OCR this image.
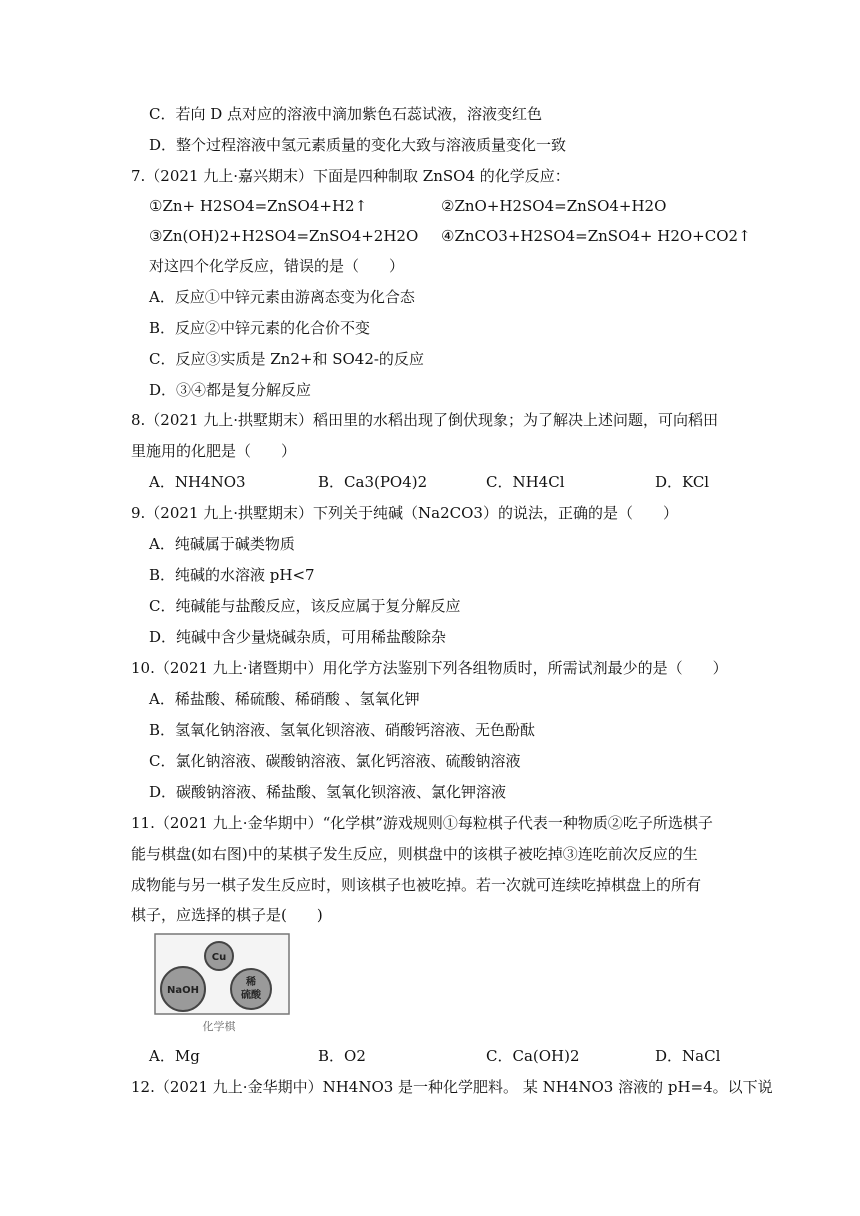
C．若向 D 点对应的溶液中滴加紫色石蕊试液，溶液变红色
D．整个过程溶液中氢元素质量的变化大致与溶液质量变化一致
7.（2021 九上·嘉兴期末）下面是四种制取 ZnSO4 的化学反应：
①Zn+ H2SO4=ZnSO4+H2↑	②ZnO+H2SO4=ZnSO4+H2O
③Zn(OH)2+H2SO4=ZnSO4+2H2O ④ZnCO3+H2SO4=ZnSO4+ H2O+CO2↑
对这四个化学反应，错误的是（　　）
A．反应①中锌元素由游离态变为化合态
B．反应②中锌元素的化合价不变
C．反应③实质是 Zn2+和 SO42-的反应
D．③④都是复分解反应
8.（2021 九上·拱墅期末）稻田里的水稻出现了倒伏现象；为了解决上述问题，可向稻田
里施用的化肥是（　　）
A．NH4NO3	B．Ca3(PO4)2	C．NH4Cl	D．KCl
9.（2021 九上·拱墅期末）下列关于纯碱（Na2CO3）的说法，正确的是（　　）
A．纯碱属于碱类物质
B．纯碱的水溶液 pH<7
C．纯碱能与盐酸反应，该反应属于复分解反应
D．纯碱中含少量烧碱杂质，可用稀盐酸除杂
10.（2021 九上·诸暨期中）用化学方法鉴别下列各组物质时，所需试剂最少的是（　　）
A．稀盐酸、稀硫酸、稀硝酸 、氢氧化钾
B．氢氧化钠溶液、氢氧化钡溶液、硝酸钙溶液、无色酚酞
C．氯化钠溶液、碳酸钠溶液、氯化钙溶液、硫酸钠溶液
D．碳酸钠溶液、稀盐酸、氢氧化钡溶液、氯化钾溶液
11.（2021 九上·金华期中）“化学棋”游戏规则①每粒棋子代表一种物质②吃子所选棋子
能与棋盘(如右图)中的某棋子发生反应，则棋盘中的该棋子被吃掉③连吃前次反应的生
成物能与另一棋子发生反应时，则该棋子也被吃掉。若一次就可连续吃掉棋盘上的所有
棋子，应选择的棋子是(　　)
Cu
NaOH
稀
硫酸
化学棋
A．Mg	B．O2	C．Ca(OH)2	D．NaCl
12.（2021 九上·金华期中）NH4NO3 是一种化学肥料。 某 NH4NO3 溶液的 pH=4。以下说
